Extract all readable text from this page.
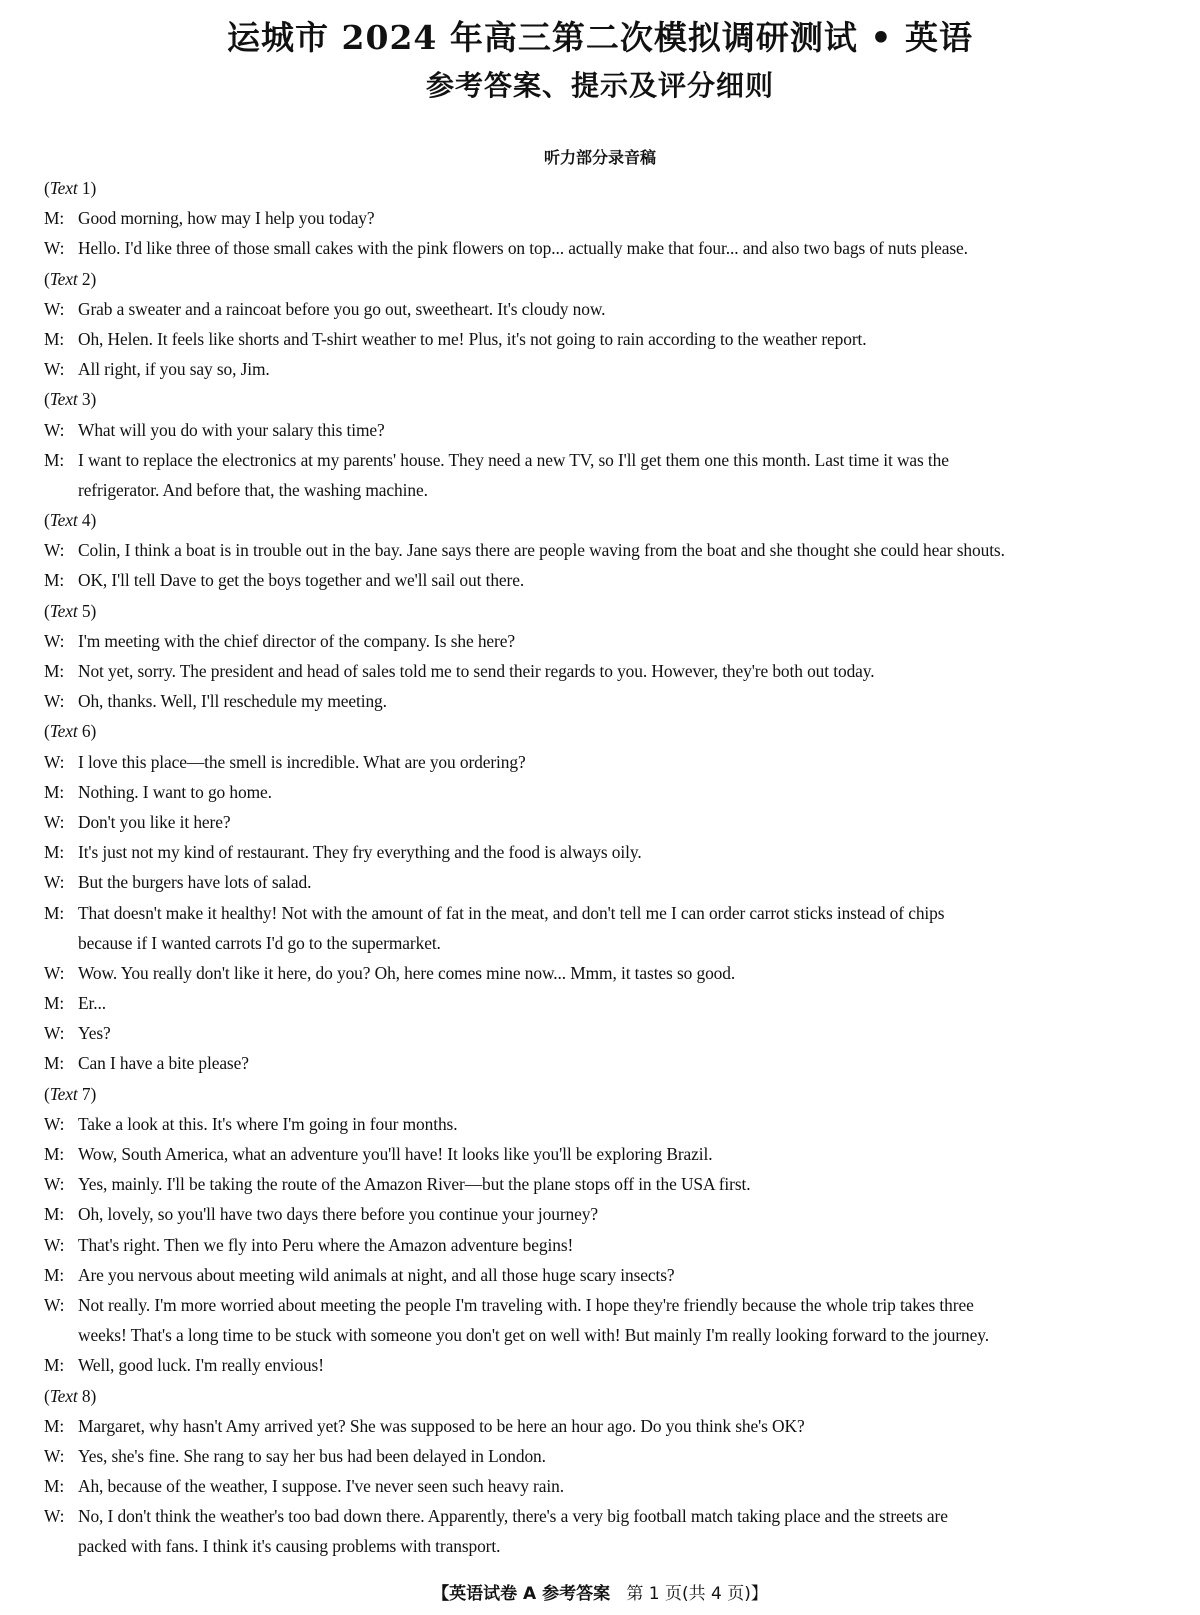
运城市 2024 年高三第二次模拟调研测试 • 英语
参考答案、提示及评分细则
听力部分录音稿
(Text 1)
M: Good morning, how may I help you today?
W: Hello. I'd like three of those small cakes with the pink flowers on top... actually make that four... and also two bags of nuts please.
(Text 2)
W: Grab a sweater and a raincoat before you go out, sweetheart. It's cloudy now.
M: Oh, Helen. It feels like shorts and T-shirt weather to me! Plus, it's not going to rain according to the weather report.
W: All right, if you say so, Jim.
(Text 3)
W: What will you do with your salary this time?
M: I want to replace the electronics at my parents' house. They need a new TV, so I'll get them one this month. Last time it was the
refrigerator. And before that, the washing machine.
(Text 4)
W: Colin, I think a boat is in trouble out in the bay. Jane says there are people waving from the boat and she thought she could hear shouts.
M: OK, I'll tell Dave to get the boys together and we'll sail out there.
(Text 5)
W: I'm meeting with the chief director of the company. Is she here?
M: Not yet, sorry. The president and head of sales told me to send their regards to you. However, they're both out today.
W: Oh, thanks. Well, I'll reschedule my meeting.
(Text 6)
W: I love this place—the smell is incredible. What are you ordering?
M: Nothing. I want to go home.
W: Don't you like it here?
M: It's just not my kind of restaurant. They fry everything and the food is always oily.
W: But the burgers have lots of salad.
M: That doesn't make it healthy! Not with the amount of fat in the meat, and don't tell me I can order carrot sticks instead of chips
because if I wanted carrots I'd go to the supermarket.
W: Wow. You really don't like it here, do you? Oh, here comes mine now... Mmm, it tastes so good.
M: Er...
W: Yes?
M: Can I have a bite please?
(Text 7)
W: Take a look at this. It's where I'm going in four months.
M: Wow, South America, what an adventure you'll have! It looks like you'll be exploring Brazil.
W: Yes, mainly. I'll be taking the route of the Amazon River—but the plane stops off in the USA first.
M: Oh, lovely, so you'll have two days there before you continue your journey?
W: That's right. Then we fly into Peru where the Amazon adventure begins!
M: Are you nervous about meeting wild animals at night, and all those huge scary insects?
W: Not really. I'm more worried about meeting the people I'm traveling with. I hope they're friendly because the whole trip takes three
weeks! That's a long time to be stuck with someone you don't get on well with! But mainly I'm really looking forward to the journey.
M: Well, good luck. I'm really envious!
(Text 8)
M: Margaret, why hasn't Amy arrived yet? She was supposed to be here an hour ago. Do you think she's OK?
W: Yes, she's fine. She rang to say her bus had been delayed in London.
M: Ah, because of the weather, I suppose. I've never seen such heavy rain.
W: No, I don't think the weather's too bad down there. Apparently, there's a very big football match taking place and the streets are
packed with fans. I think it's causing problems with transport.
【英语试卷 A 参考答案 第 1 页(共 4 页)】
